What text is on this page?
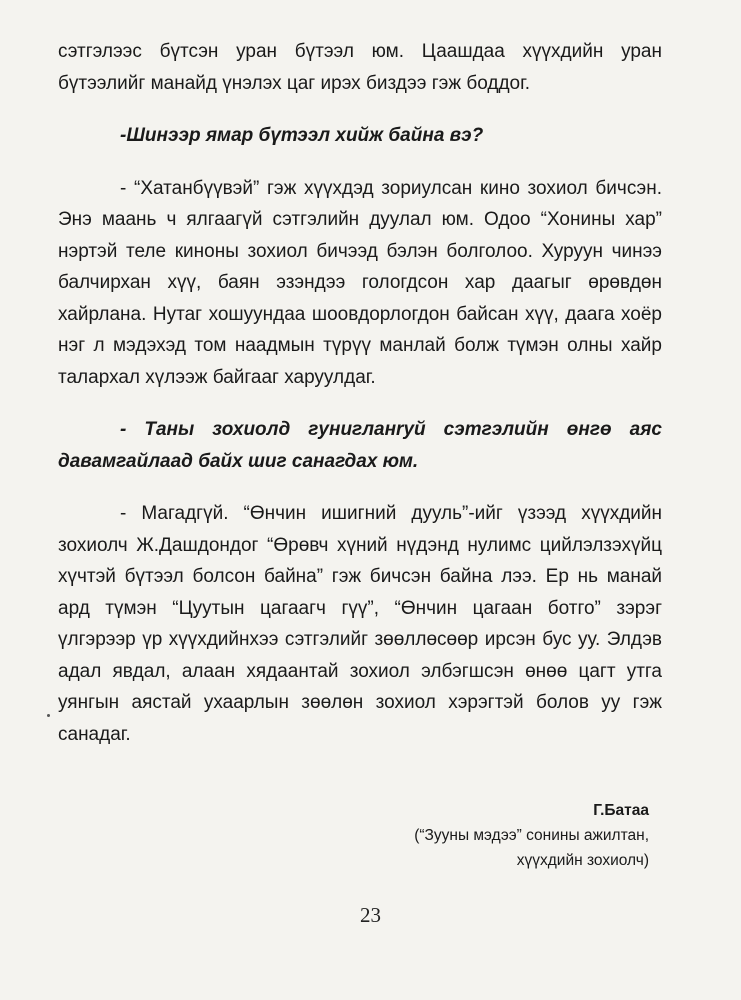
сэтгэлээс бүтсэн уран бүтээл юм. Цаашдаа хүүхдийн уран бүтээлийг манайд үнэлэх цаг ирэх биздээ гэж боддог.

-Шинээр ямар бүтээл хийж байна вэ?

- “Хатанбүүвэй” гэж хүүхдэд зориулсан кино зохиол бичсэн. Энэ маань ч ялгаагүй сэтгэлийн дуулал юм. Одоо “Хонины хар” нэртэй теле киноны зохиол бичээд бэлэн болголоо. Хуруун чинээ балчирхан хүү, баян эзэндээ гологдсон хар даагыг өрөвдөн хайрлана. Нутаг хошуундаа шоовдорлогдон байсан хүү, даага хоёр нэг л мэдэхэд том наадмын түрүү манлай болж түмэн олны хайр талархал хүлээж байгааг харуулдаг.

- Таны зохиолд гунигланrуй сэтгэлийн өнгө аяс давамгайлаад байх шиг санагдах юм.

- Магадгүй. “Өнчин ишигний дууль”-ийг үзээд хүүхдийн зохиолч Ж.Дашдондог “Өрөвч хүний нүдэнд нулимс цийлэлзэхүйц хүчтэй бүтээл болсон байна” гэж бичсэн байна лээ. Ер нь манай ард түмэн “Цуутын цагаагч гүү”, “Өнчин цагаан ботго” зэрэг үлгэрээр үр хүүхдийнхээ сэтгэлийг зөөллөсөөр ирсэн бус уу. Элдэв адал явдал, алаан хядаантай зохиол элбэгшсэн өнөө цагт утга уянгын аястай ухаарлын зөөлөн зохиол хэрэгтэй болов уу гэж санадаг.

Г.Батаа
(“Зууны мэдээ” сонины ажилтан,
хүүхдийн зохиолч)
23
